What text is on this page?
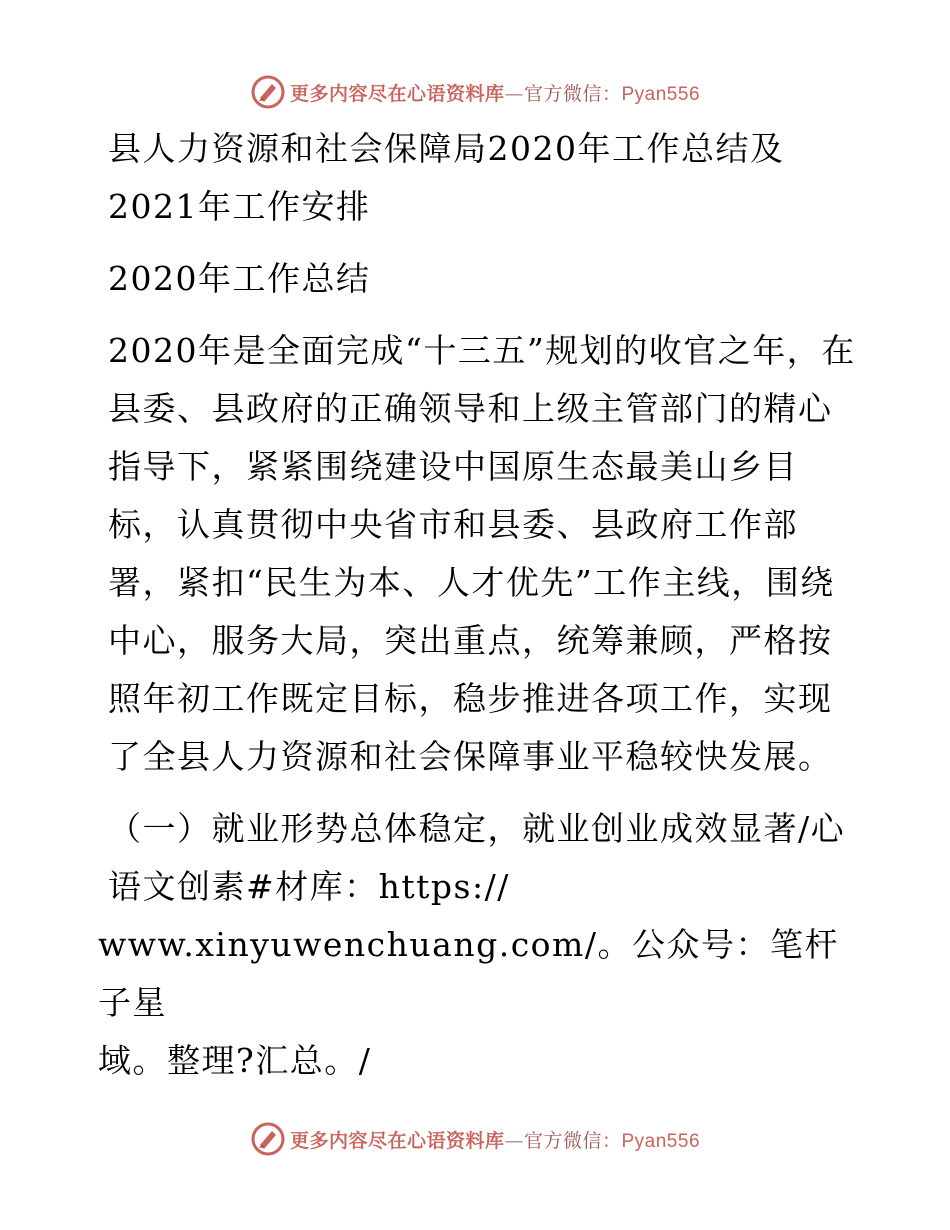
更多内容尽在心语资料库—官方微信：Pyan556

县人力资源和社会保障局2020年工作总结及2021年工作安排

2020年工作总结

2020年是全面完成“十三五”规划的收官之年，在县委、县政府的正确领导和上级主管部门的精心指导下，紧紧围绕建设中国原生态最美山乡目标，认真贯彻中央省市和县委、县政府工作部署，紧扣“民生为本、人才优先”工作主线，围绕中心，服务大局，突出重点，统筹兼顾，严格按照年初工作既定目标，稳步推进各项工作，实现了全县人力资源和社会保障事业平稳较快发展。

（一）就业形势总体稳定，就业创业成效显著/心语文创素#材库：https://

www.xinyuwenchuang.com/。公众号：笔杆子星

域。整理?汇总。/

更多内容尽在心语资料库—官方微信：Pyan556
